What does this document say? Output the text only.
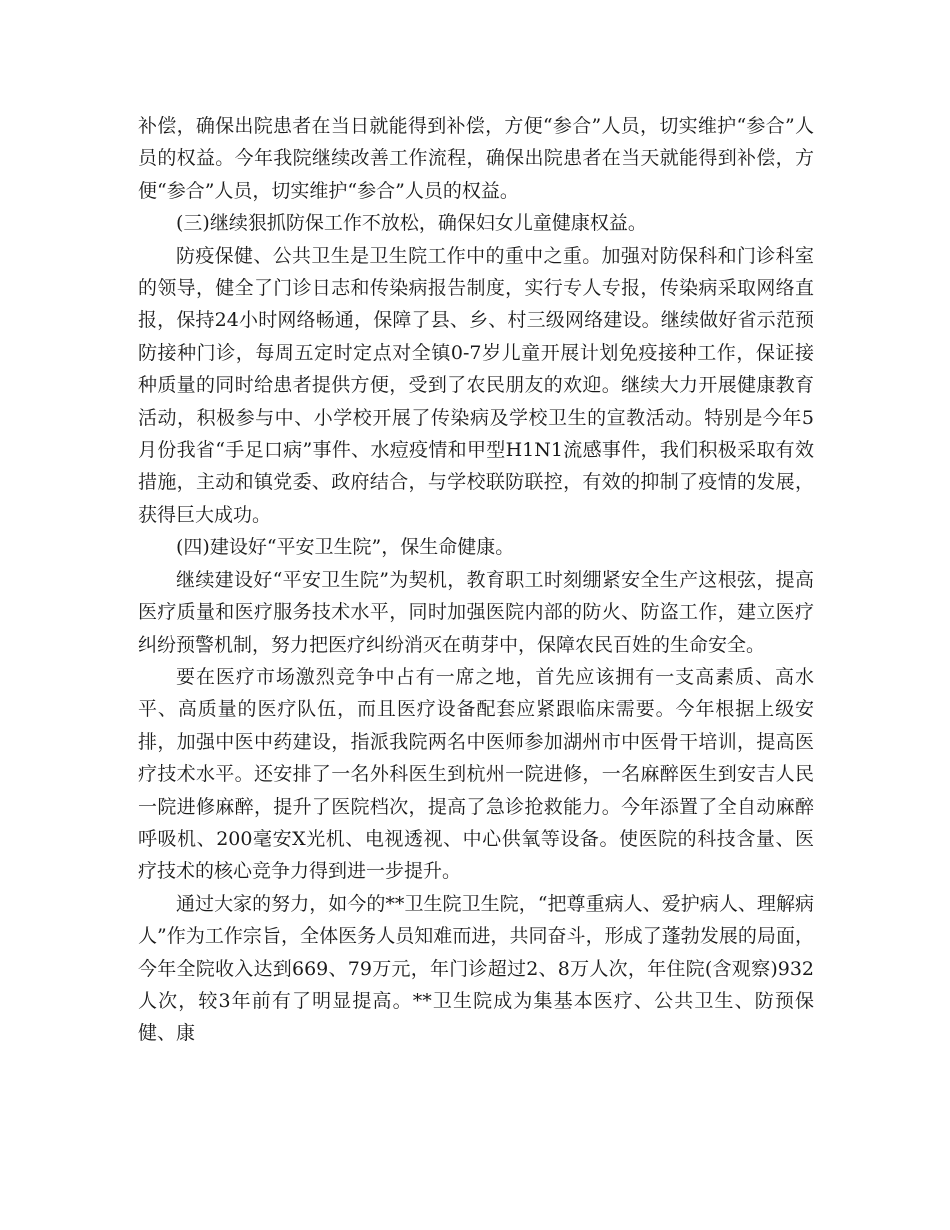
补偿，确保出院患者在当日就能得到补偿，方便“参合”人员，切实维护“参合”人员的权益。今年我院继续改善工作流程，确保出院患者在当天就能得到补偿，方便“参合”人员，切实维护“参合”人员的权益。

(三)继续狠抓防保工作不放松，确保妇女儿童健康权益。

防疫保健、公共卫生是卫生院工作中的重中之重。加强对防保科和门诊科室的领导，健全了门诊日志和传染病报告制度，实行专人专报，传染病采取网络直报，保持24小时网络畅通，保障了县、乡、村三级网络建设。继续做好省示范预防接种门诊，每周五定时定点对全镇0-7岁儿童开展计划免疫接种工作，保证接种质量的同时给患者提供方便，受到了农民朋友的欢迎。继续大力开展健康教育活动，积极参与中、小学校开展了传染病及学校卫生的宣教活动。特别是今年5月份我省“手足口病”事件、水痘疫情和甲型H1N1流感事件，我们积极采取有效措施，主动和镇党委、政府结合，与学校联防联控，有效的抑制了疫情的发展，获得巨大成功。

(四)建设好“平安卫生院”，保生命健康。

继续建设好“平安卫生院”为契机，教育职工时刻绷紧安全生产这根弦，提高医疗质量和医疗服务技术水平，同时加强医院内部的防火、防盗工作，建立医疗纠纷预警机制，努力把医疗纠纷消灭在萌芽中，保障农民百姓的生命安全。

要在医疗市场激烈竞争中占有一席之地，首先应该拥有一支高素质、高水平、高质量的医疗队伍，而且医疗设备配套应紧跟临床需要。今年根据上级安排，加强中医中药建设，指派我院两名中医师参加湖州市中医骨干培训，提高医疗技术水平。还安排了一名外科医生到杭州一院进修，一名麻醉医生到安吉人民一院进修麻醉，提升了医院档次，提高了急诊抢救能力。今年添置了全自动麻醉呼吸机、200毫安X光机、电视透视、中心供氧等设备。使医院的科技含量、医疗技术的核心竞争力得到进一步提升。

通过大家的努力，如今的**卫生院卫生院，“把尊重病人、爱护病人、理解病人”作为工作宗旨，全体医务人员知难而进，共同奋斗，形成了蓬勃发展的局面，今年全院收入达到669、79万元，年门诊超过2、8万人次，年住院(含观察)932人次，较3年前有了明显提高。**卫生院成为集基本医疗、公共卫生、防预保健、康
